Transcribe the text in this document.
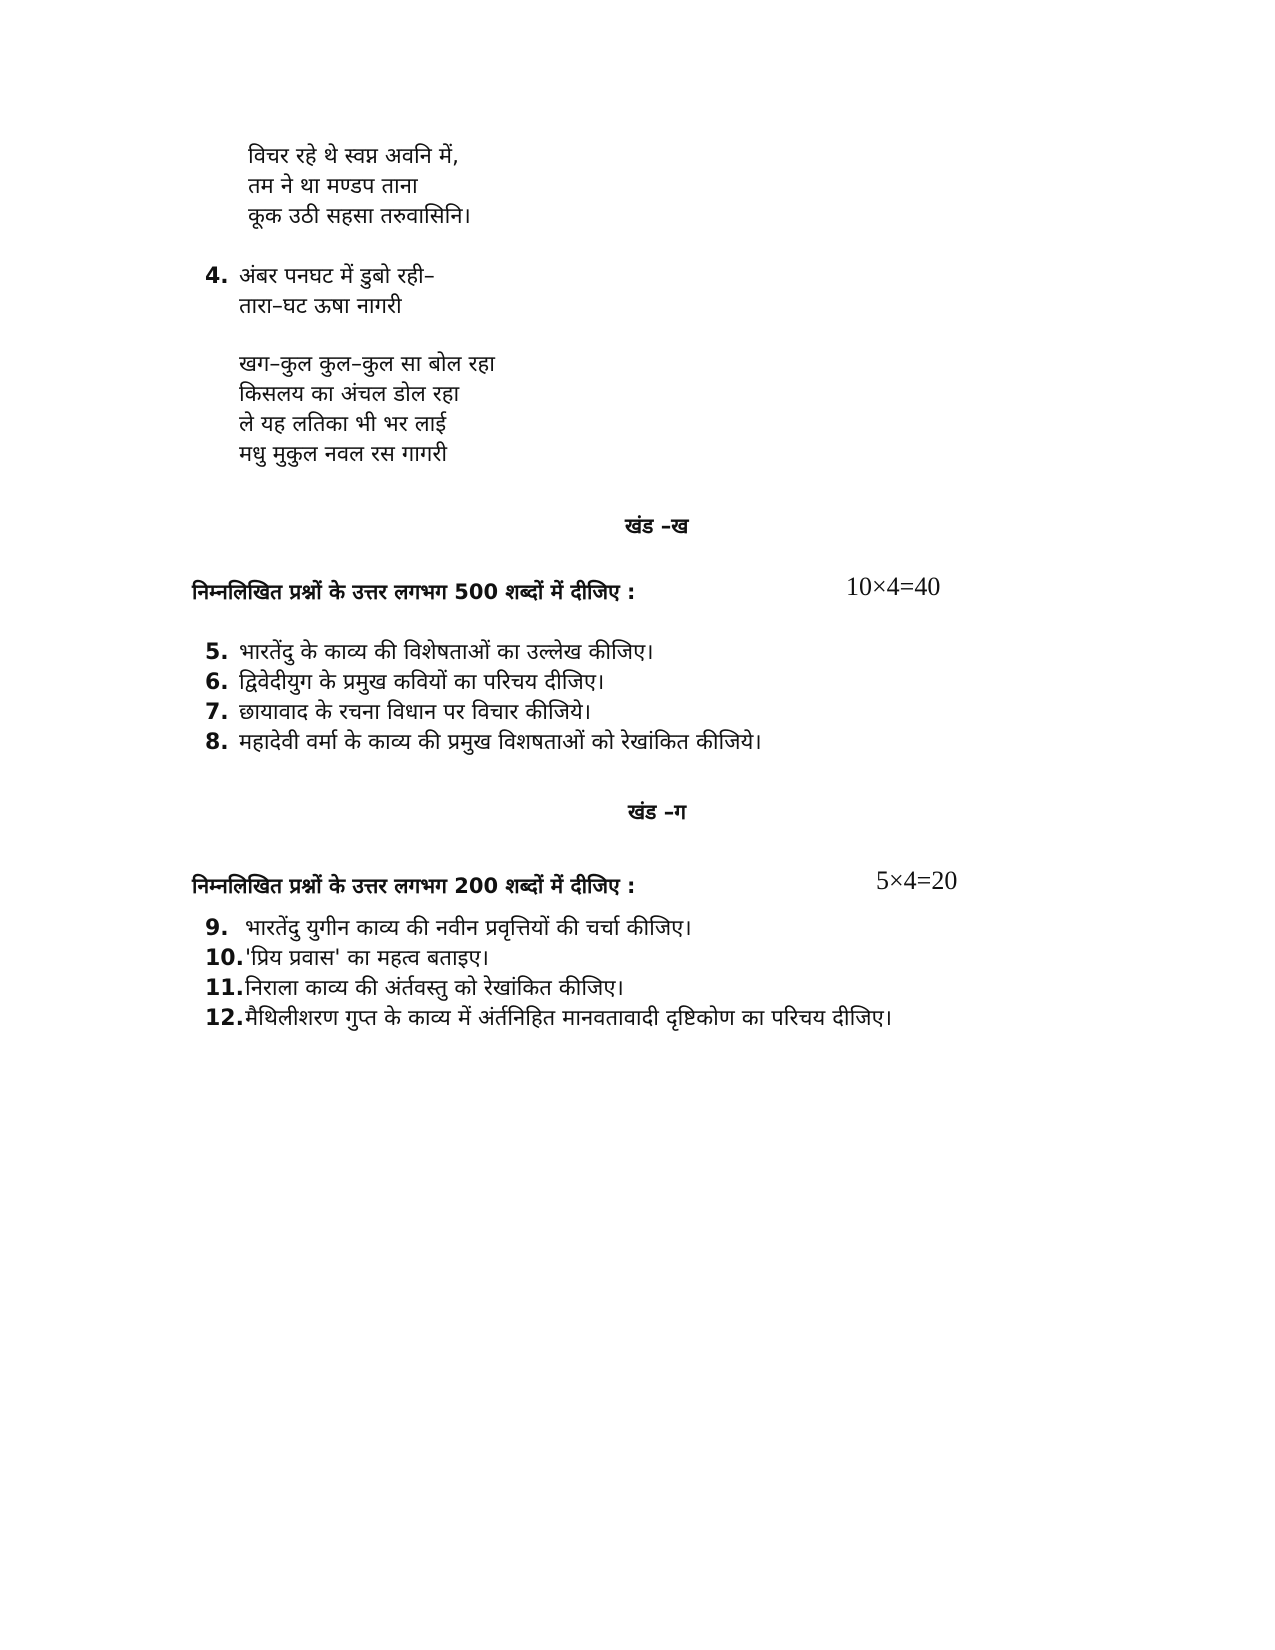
विचर रहे थे स्वप्न अवनि में,
तम ने था मण्डप ताना
कूक उठी सहसा तरुवासिनि।
4. अंबर पनघट में डुबो रही–
तारा–घट ऊषा नागरी
खग–कुल कुल–कुल सा बोल रहा
किसलय का अंचल डोल रहा
ले यह लतिका भी भर लाई
मधु मुकुल नवल रस गागरी
खंड –ख
निम्नलिखित प्रश्नों के उत्तर लगभग 500 शब्दों में दीजिए :	10×4=40
5. भारतेंदु के काव्य की विशेषताओं का उल्लेख कीजिए।
6. द्विवेदीयुग के प्रमुख कवियों का परिचय दीजिए।
7. छायावाद के रचना विधान पर विचार कीजिये।
8. महादेवी वर्मा के काव्य की प्रमुख विशषताओं को रेखांकित कीजिये।
खंड –ग
निम्नलिखित प्रश्नों के उत्तर लगभग 200 शब्दों में दीजिए :	5×4=20
9. भारतेंदु युगीन काव्य की नवीन प्रवृत्तियों की चर्चा कीजिए।
10.'प्रिय प्रवास' का महत्व बताइए।
11.निराला काव्य की अंर्तवस्तु को रेखांकित कीजिए।
12.मैथिलीशरण गुप्त के काव्य में अंर्तनिहित मानवतावादी दृष्टिकोण का परिचय दीजिए।
